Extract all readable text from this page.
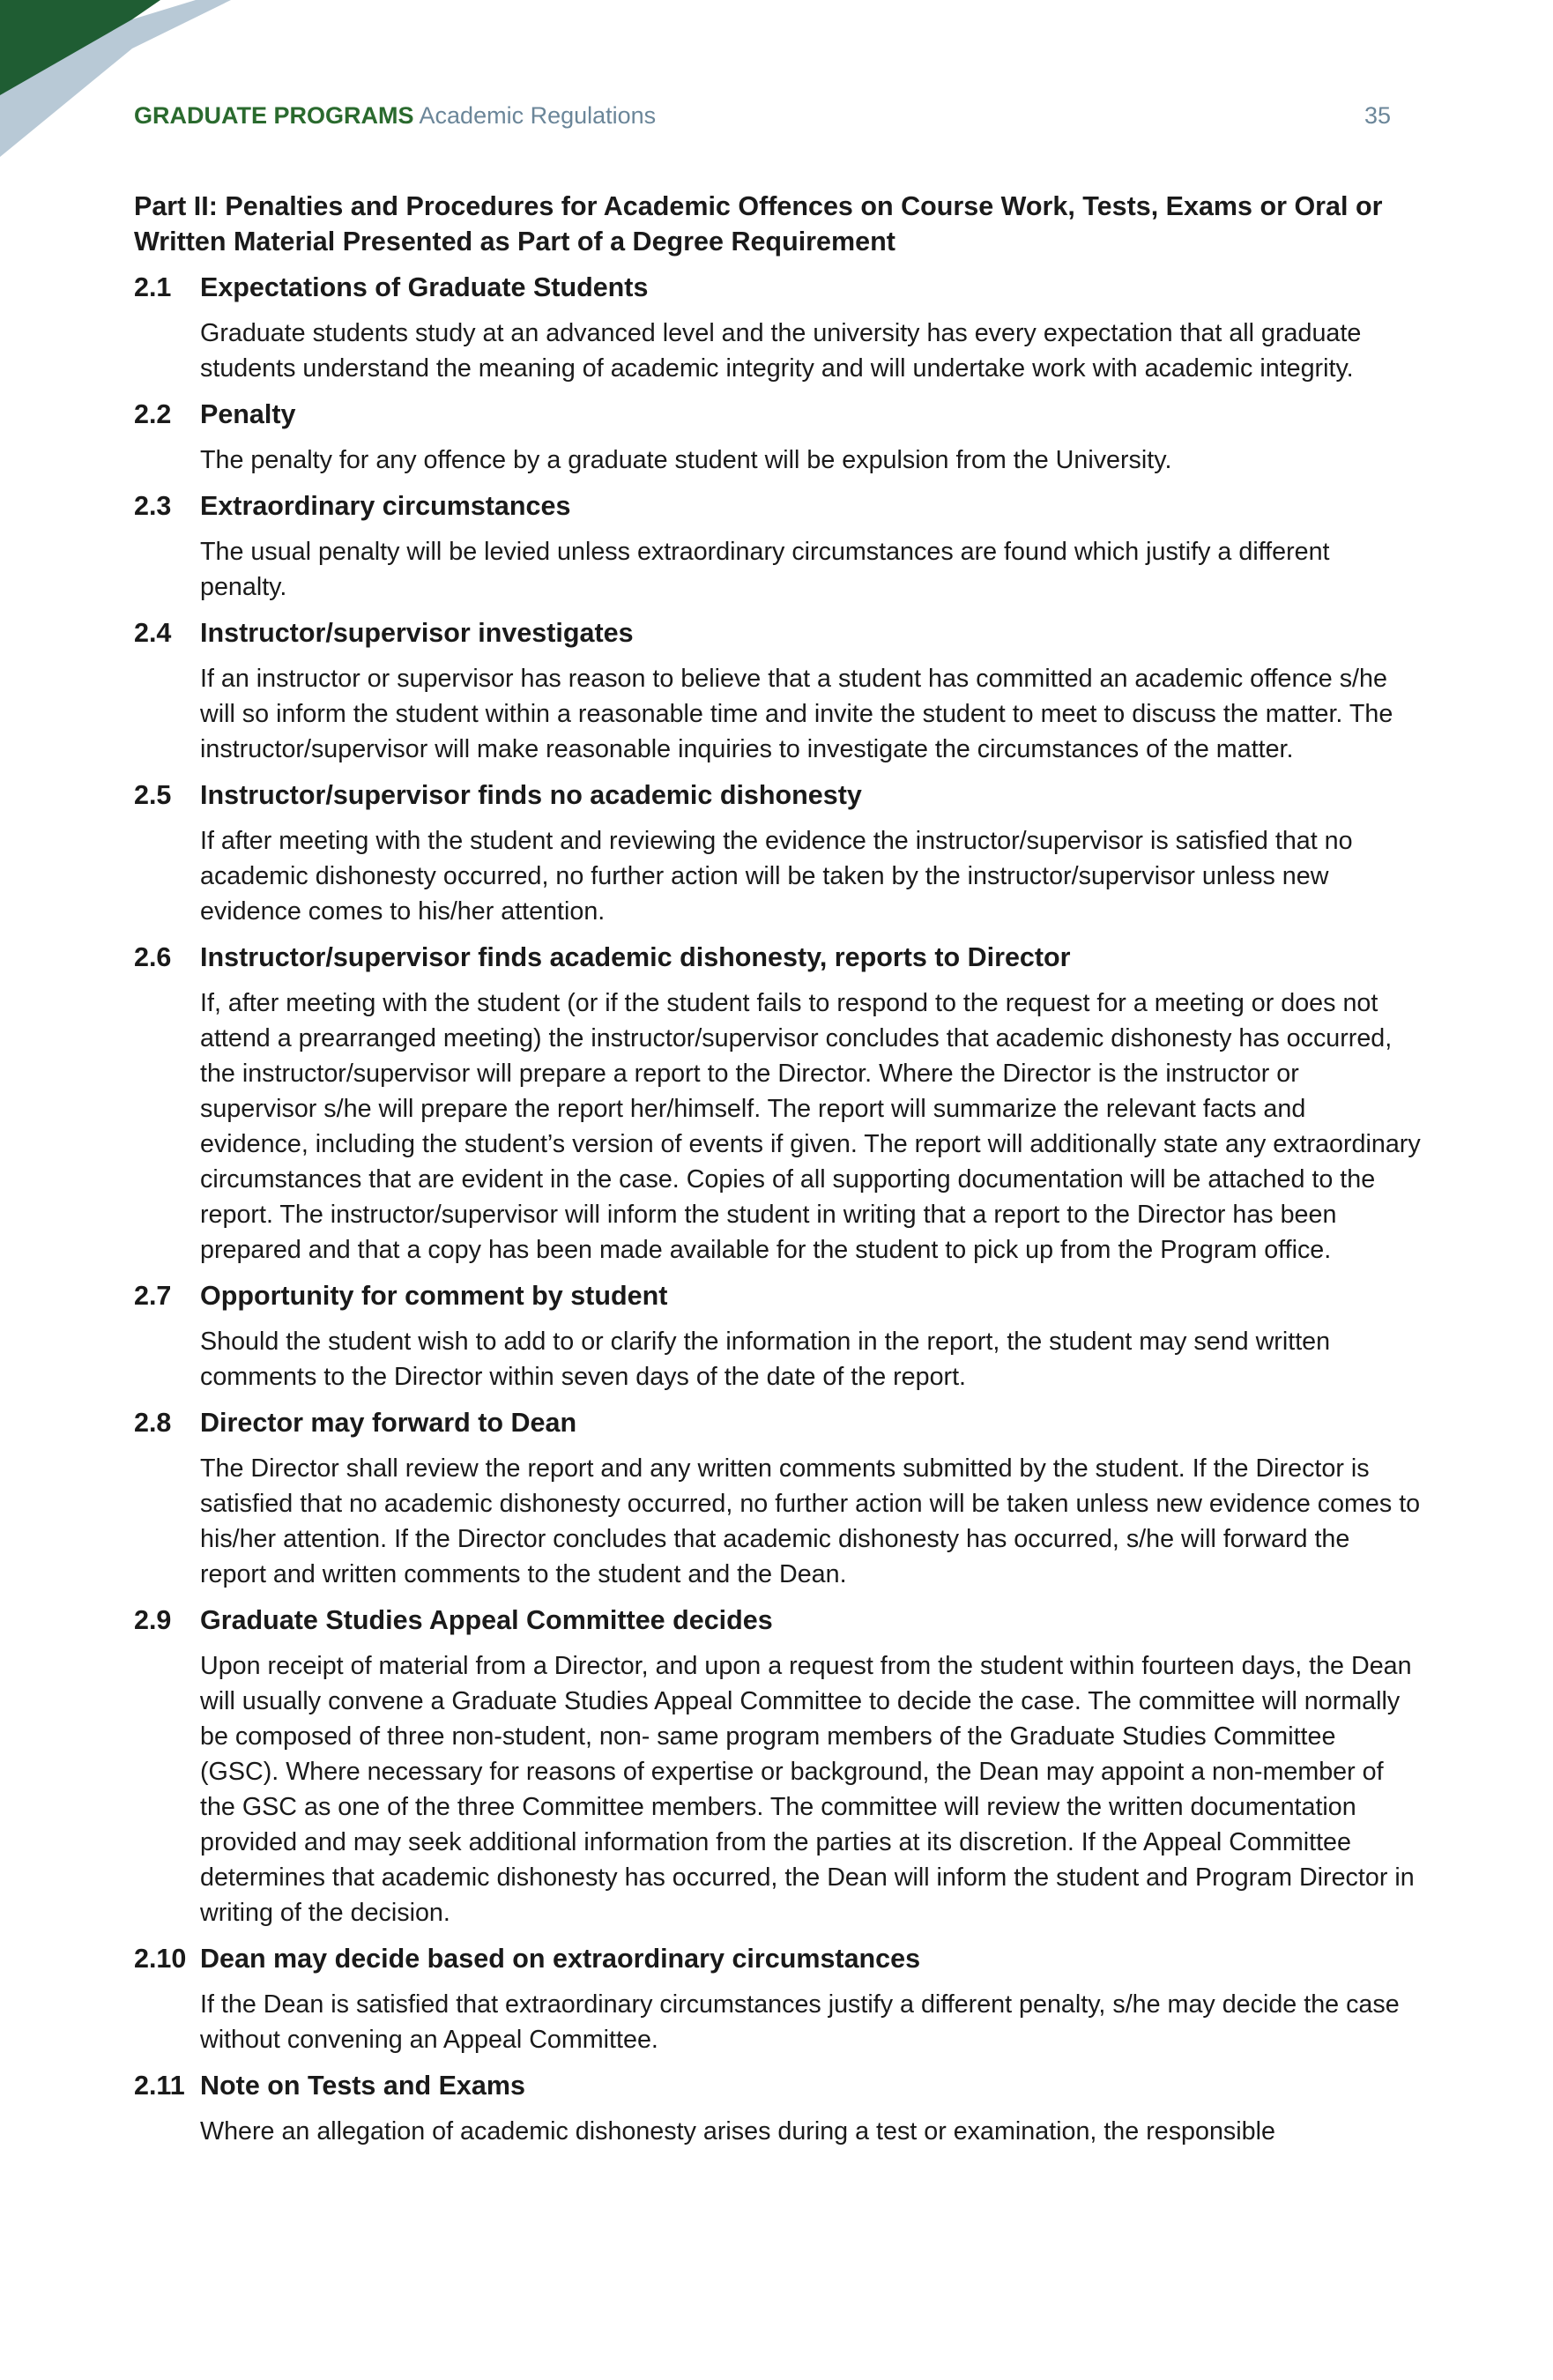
GRADUATE PROGRAMS Academic Regulations	35
Part II: Penalties and Procedures for Academic Offences on Course Work, Tests, Exams or Oral or Written Material Presented as Part of a Degree Requirement
2.1	Expectations of Graduate Students
Graduate students study at an advanced level and the university has every expectation that all graduate students understand the meaning of academic integrity and will undertake work with academic integrity.
2.2	Penalty
The penalty for any offence by a graduate student will be expulsion from the University.
2.3	Extraordinary circumstances
The usual penalty will be levied unless extraordinary circumstances are found which justify a different penalty.
2.4	Instructor/supervisor investigates
If an instructor or supervisor has reason to believe that a student has committed an academic offence s/he will so inform the student within a reasonable time and invite the student to meet to discuss the matter. The instructor/supervisor will make reasonable inquiries to investigate the circumstances of the matter.
2.5	Instructor/supervisor finds no academic dishonesty
If after meeting with the student and reviewing the evidence the instructor/supervisor is satisfied that no academic dishonesty occurred, no further action will be taken by the instructor/supervisor unless new evidence comes to his/her attention.
2.6	Instructor/supervisor finds academic dishonesty, reports to Director
If, after meeting with the student (or if the student fails to respond to the request for a meeting or does not attend a prearranged meeting) the instructor/supervisor concludes that academic dishonesty has occurred, the instructor/supervisor will prepare a report to the Director. Where the Director is the instructor or supervisor s/he will prepare the report her/himself. The report will summarize the relevant facts and evidence, including the student’s version of events if given. The report will additionally state any extraordinary circumstances that are evident in the case. Copies of all supporting documentation will be attached to the report. The instructor/supervisor will inform the student in writing that a report to the Director has been prepared and that a copy has been made available for the student to pick up from the Program office.
2.7	Opportunity for comment by student
Should the student wish to add to or clarify the information in the report, the student may send written comments to the Director within seven days of the date of the report.
2.8	Director may forward to Dean
The Director shall review the report and any written comments submitted by the student. If the Director is satisfied that no academic dishonesty occurred, no further action will be taken unless new evidence comes to his/her attention. If the Director concludes that academic dishonesty has occurred, s/he will forward the report and written comments to the student and the Dean.
2.9	Graduate Studies Appeal Committee decides
Upon receipt of material from a Director, and upon a request from the student within fourteen days, the Dean will usually convene a Graduate Studies Appeal Committee to decide the case. The committee will normally be composed of three non-student, non- same program members of the Graduate Studies Committee (GSC). Where necessary for reasons of expertise or background, the Dean may appoint a non-member of the GSC as one of the three Committee members. The committee will review the written documentation provided and may seek additional information from the parties at its discretion. If the Appeal Committee determines that academic dishonesty has occurred, the Dean will inform the student and Program Director in writing of the decision.
2.10 Dean may decide based on extraordinary circumstances
If the Dean is satisfied that extraordinary circumstances justify a different penalty, s/he may decide the case without convening an Appeal Committee.
2.11 Note on Tests and Exams
Where an allegation of academic dishonesty arises during a test or examination, the responsible
